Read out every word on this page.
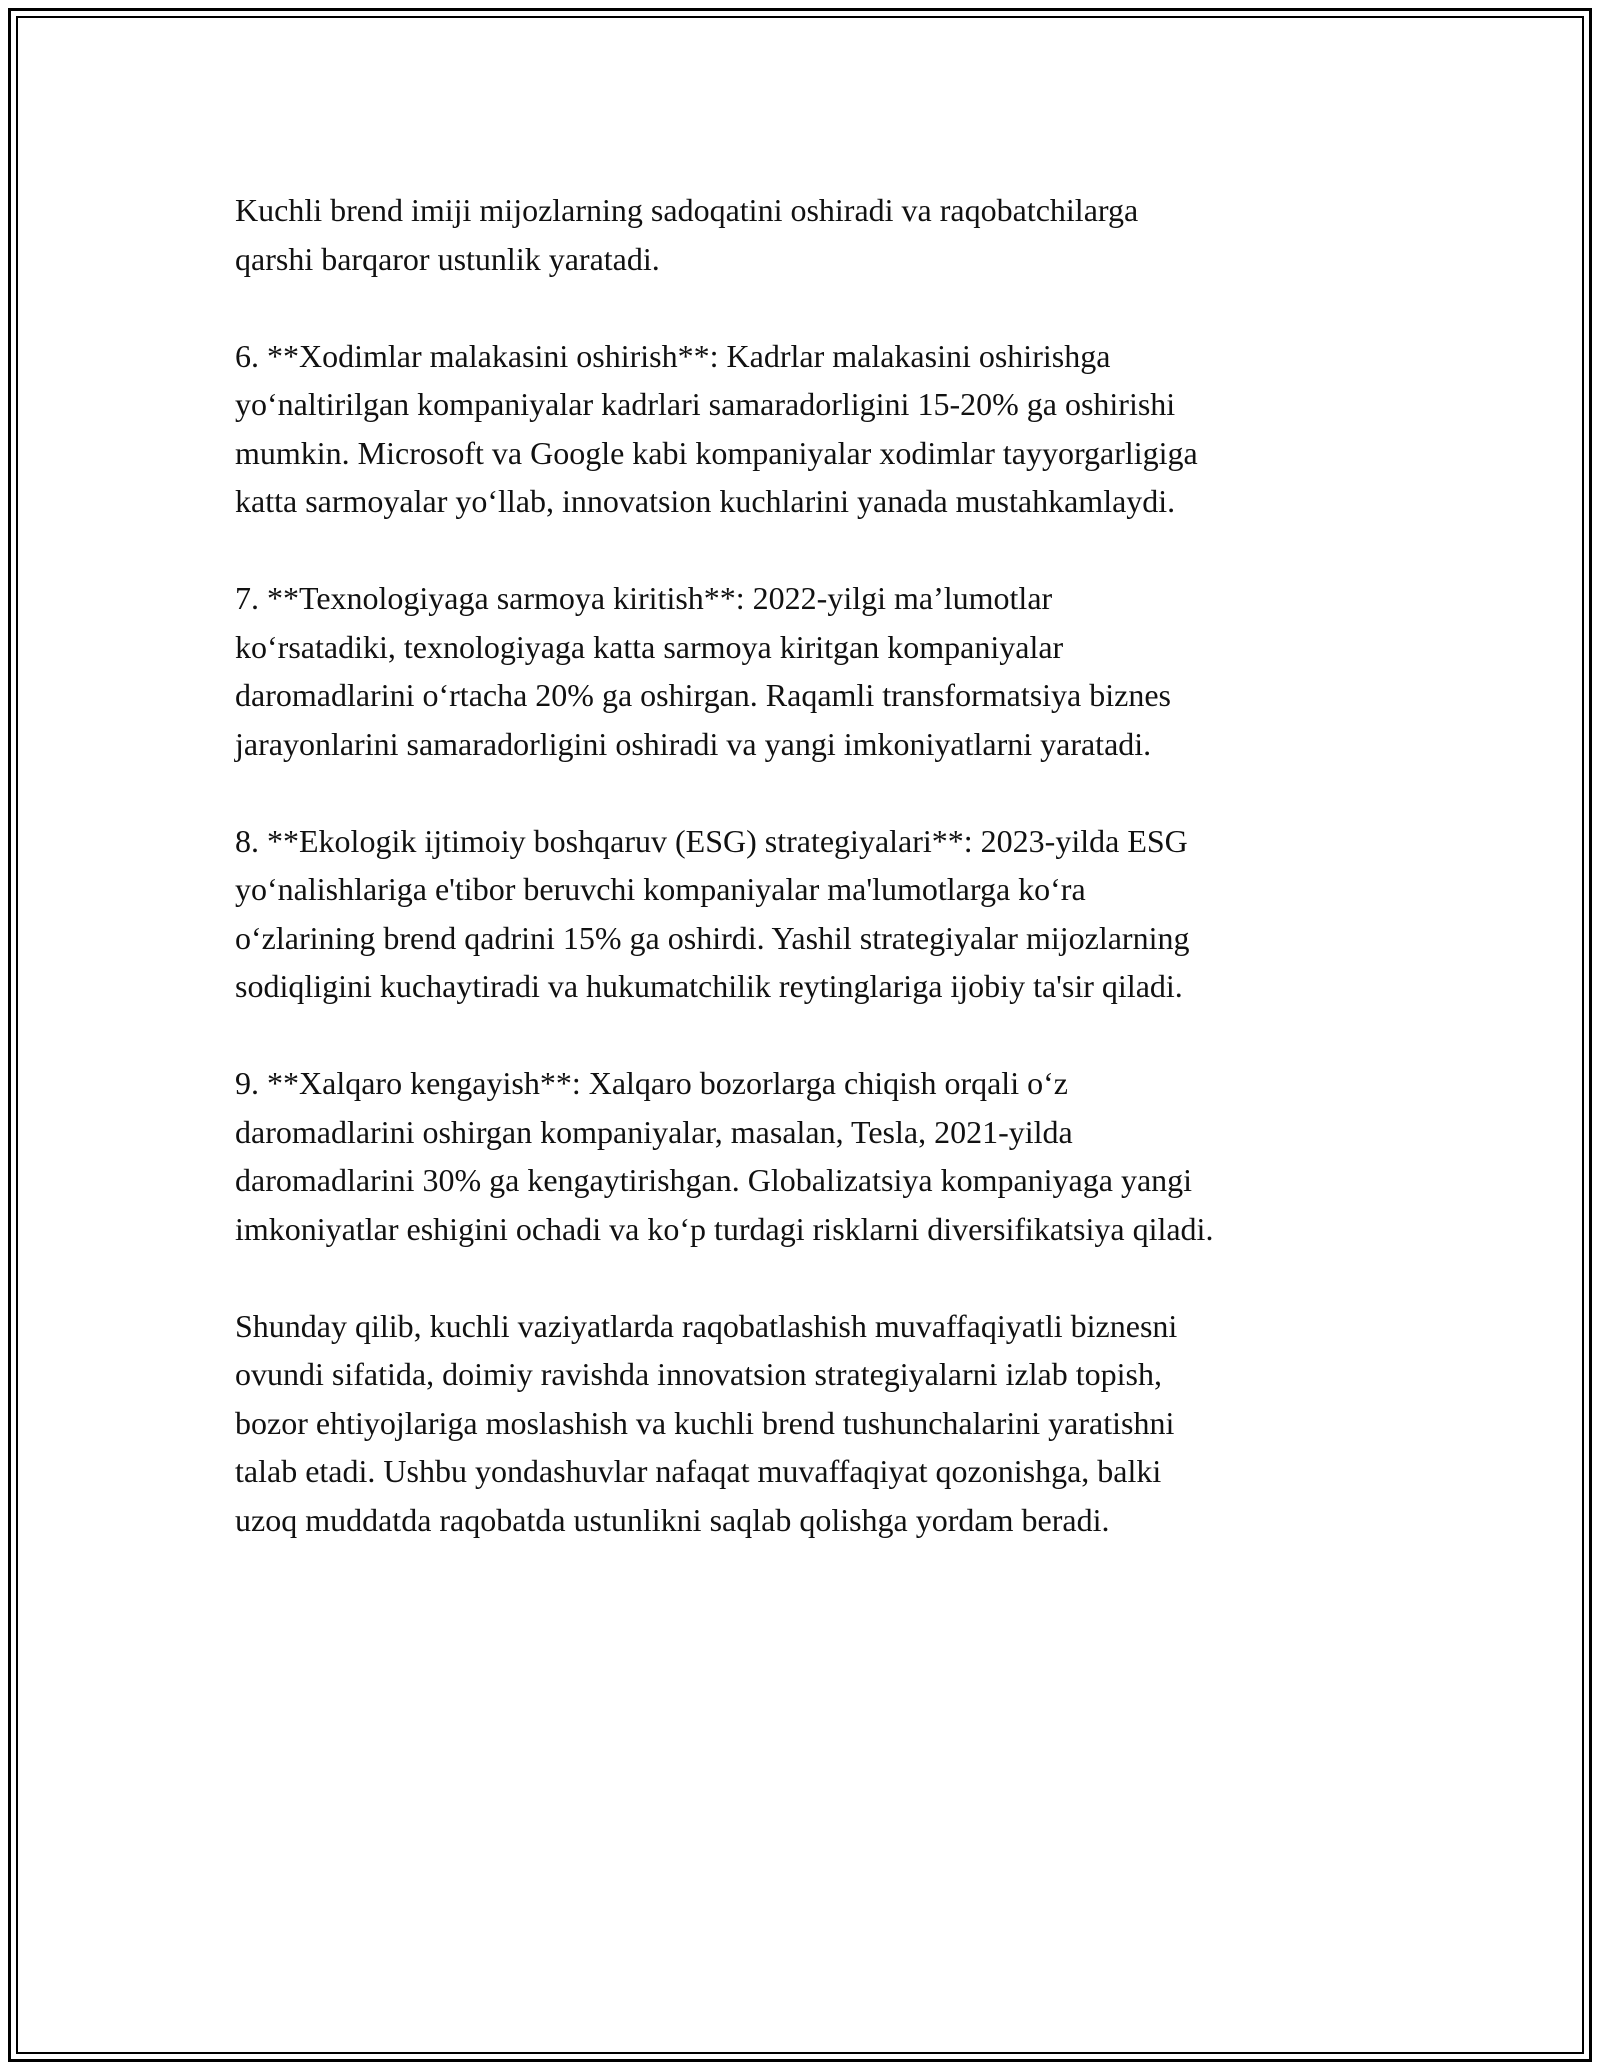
Kuchli brend imiji mijozlarning sadoqatini oshiradi va raqobatchilarga
qarshi barqaror ustunlik yaratadi.

6. **Xodimlar malakasini oshirish**: Kadrlar malakasini oshirishga
yo‘naltirilgan kompaniyalar kadrlari samaradorligini 15-20% ga oshirishi
mumkin. Microsoft va Google kabi kompaniyalar xodimlar tayyorgarligiga
katta sarmoyalar yo‘llab, innovatsion kuchlarini yanada mustahkamlaydi.

7. **Texnologiyaga sarmoya kiritish**: 2022-yilgi ma’lumotlar
ko‘rsatadiki, texnologiyaga katta sarmoya kiritgan kompaniyalar
daromadlarini o‘rtacha 20% ga oshirgan. Raqamli transformatsiya biznes
jarayonlarini samaradorligini oshiradi va yangi imkoniyatlarni yaratadi.

8. **Ekologik ijtimoiy boshqaruv (ESG) strategiyalari**: 2023-yilda ESG
yo‘nalishlariga e'tibor beruvchi kompaniyalar ma'lumotlarga ko‘ra
o‘zlarining brend qadrini 15% ga oshirdi. Yashil strategiyalar mijozlarning
sodiqligini kuchaytiradi va hukumatchilik reytinglariga ijobiy ta'sir qiladi.

9. **Xalqaro kengayish**: Xalqaro bozorlarga chiqish orqali o‘z
daromadlarini oshirgan kompaniyalar, masalan, Tesla, 2021-yilda
daromadlarini 30% ga kengaytirishgan. Globalizatsiya kompaniyaga yangi
imkoniyatlar eshigini ochadi va ko‘p turdagi risklarni diversifikatsiya qiladi.

Shunday qilib, kuchli vaziyatlarda raqobatlashish muvaffaqiyatli biznesni
ovundi sifatida, doimiy ravishda innovatsion strategiyalarni izlab topish,
bozor ehtiyojlariga moslashish va kuchli brend tushunchalarini yaratishni
talab etadi. Ushbu yondashuvlar nafaqat muvaffaqiyat qozonishga, balki
uzoq muddatda raqobatda ustunlikni saqlab qolishga yordam beradi.
